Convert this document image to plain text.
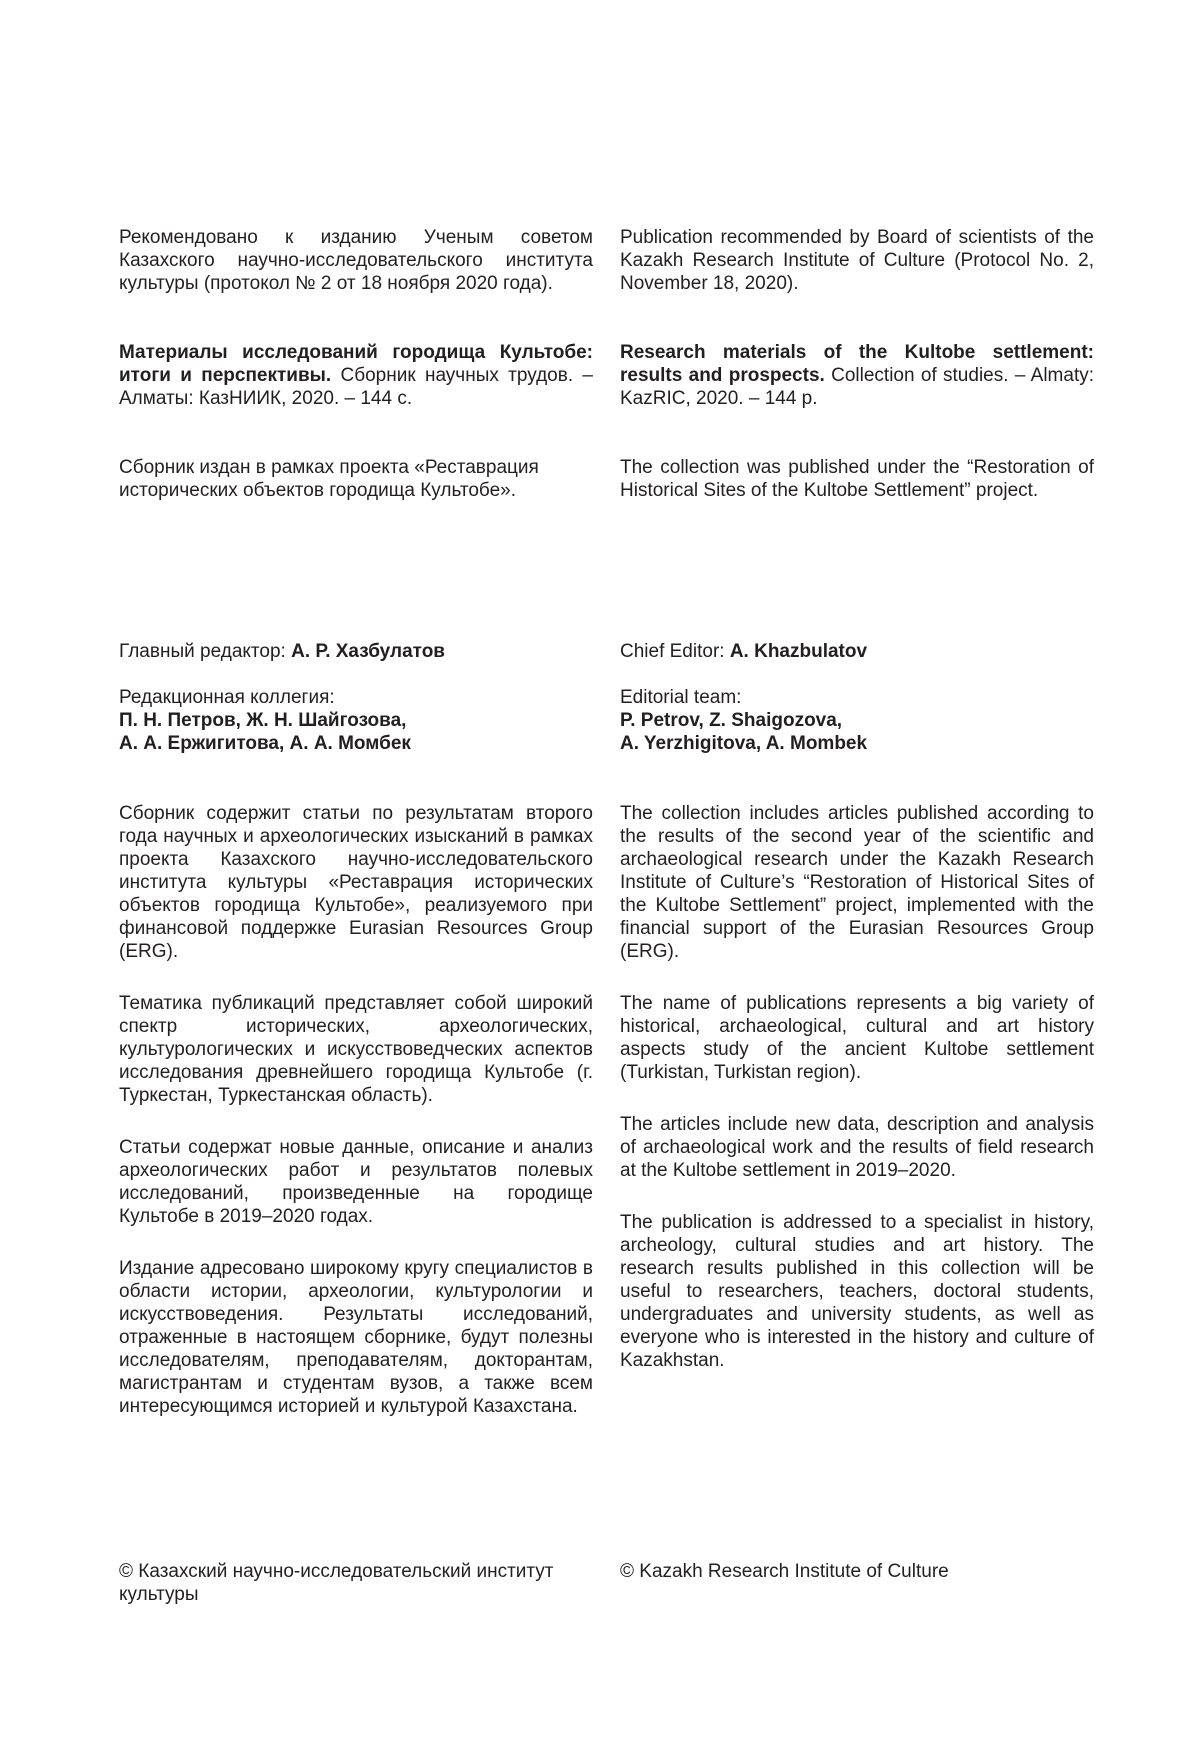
Рекомендовано к изданию Ученым советом Казахского научно-исследовательского института культуры (протокол № 2 от 18 ноября 2020 года).

Материалы исследований городища Культобе: итоги и перспективы. Сборник научных трудов. – Алматы: КазНИИК, 2020. – 144 с.

Сборник издан в рамках проекта «Реставрация исторических объектов городища Культобе».

Главный редактор: А. Р. Хазбулатов

Редакционная коллегия:

П. Н. Петров, Ж. Н. Шайгозова,

А. А. Ержигитова, А. А. Момбек

Сборник содержит статьи по результатам второго года научных и археологических изысканий в рамках проекта Казахского научно-исследовательского института культуры «Реставрация исторических объектов городища Культобе», реализуемого при финансовой поддержке Eurasian Resources Group (ERG).

Тематика публикаций представляет собой широкий спектр исторических, археологических, культурологических и искусствоведческих аспектов исследования древнейшего городища Культобе (г. Туркестан, Туркестанская область).

Статьи содержат новые данные, описание и анализ археологических работ и результатов полевых исследований, произведенные на городище Культобе в 2019–2020 годах.

Издание адресовано широкому кругу специалистов в области истории, археологии, культурологии и искусствоведения. Результаты исследований, отраженные в настоящем сборнике, будут полезны исследователям, преподавателям, докторантам, магистрантам и студентам вузов, а также всем интересующимся историей и культурой Казахстана.

© Казахский научно-исследовательский институт культуры

Publication recommended by Board of scientists of the Kazakh Research Institute of Culture (Protocol No. 2, November 18, 2020).

Research materials of the Kultobe settlement: results and prospects. Collection of studies. – Almaty: KazRIC, 2020. – 144 p.

The collection was published under the “Restoration of Historical Sites of the Kultobe Settlement” project.

Chief Editor: A. Khazbulatov

Editorial team:

P. Petrov, Z. Shaigozova,

A. Yerzhigitova, A. Mombek

The collection includes articles published according to the results of the second year of the scientific and archaeological research under the Kazakh Research Institute of Culture’s “Restoration of Historical Sites of the Kultobe Settlement” project, implemented with the financial support of the Eurasian Resources Group (ERG).

The name of publications represents a big variety of historical, archaeological, cultural and art history aspects study of the ancient Kultobe settlement (Turkistan, Turkistan region).

The articles include new data, description and analysis of archaeological work and the results of field research at the Kultobe settlement in 2019–2020.

The publication is addressed to a specialist in history, archeology, cultural studies and art history. The research results published in this collection will be useful to researchers, teachers, doctoral students, undergraduates and university students, as well as everyone who is interested in the history and culture of Kazakhstan.

© Kazakh Research Institute of Culture
